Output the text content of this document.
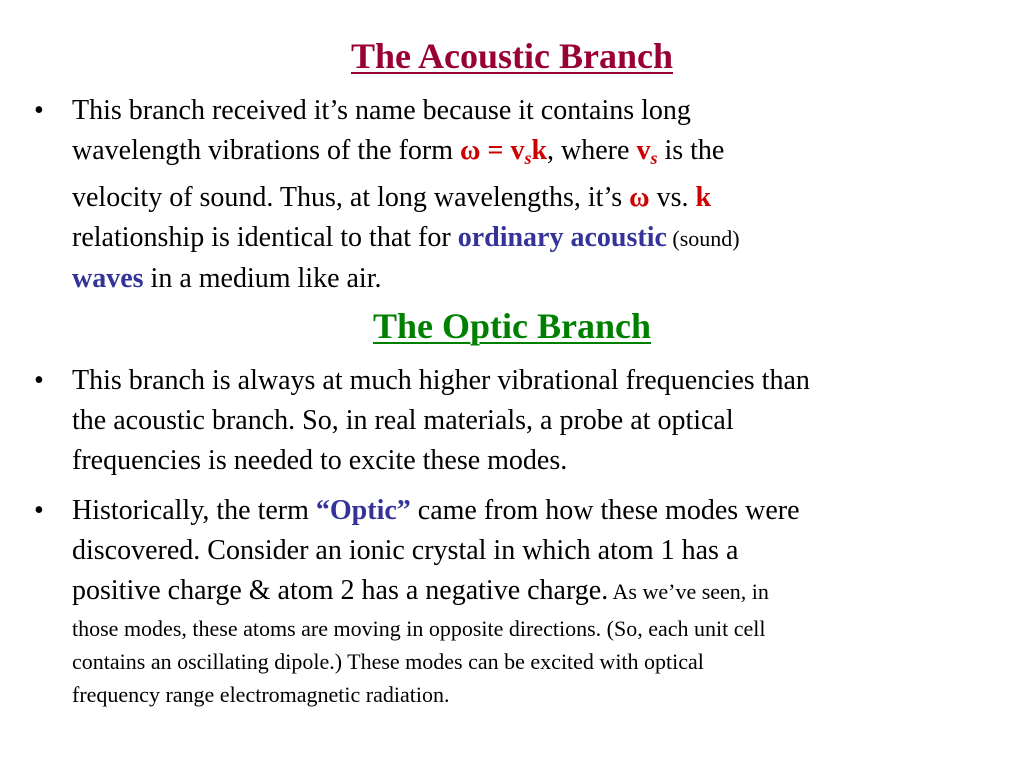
The Acoustic Branch
•	This branch received it’s name because it contains long
wavelength vibrations of the form $\omega = v_sk$, where $v_s$ is the
velocity of sound. Thus, at long wavelengths, it’s ω vs. k
relationship is identical to that for ordinary acoustic (sound)
waves in a medium like air.
The Optic Branch
•	This branch is always at much higher vibrational frequencies than
the acoustic branch. So, in real materials, a probe at optical
frequencies is needed to excite these modes.
•	Historically, the term “Optic” came from how these modes were
discovered. Consider an ionic crystal in which atom 1 has a
positive charge & atom 2 has a negative charge. As we’ve seen, in
those modes, these atoms are moving in opposite directions. (So, each unit cell
contains an oscillating dipole.) These modes can be excited with optical
frequency range electromagnetic radiation.
